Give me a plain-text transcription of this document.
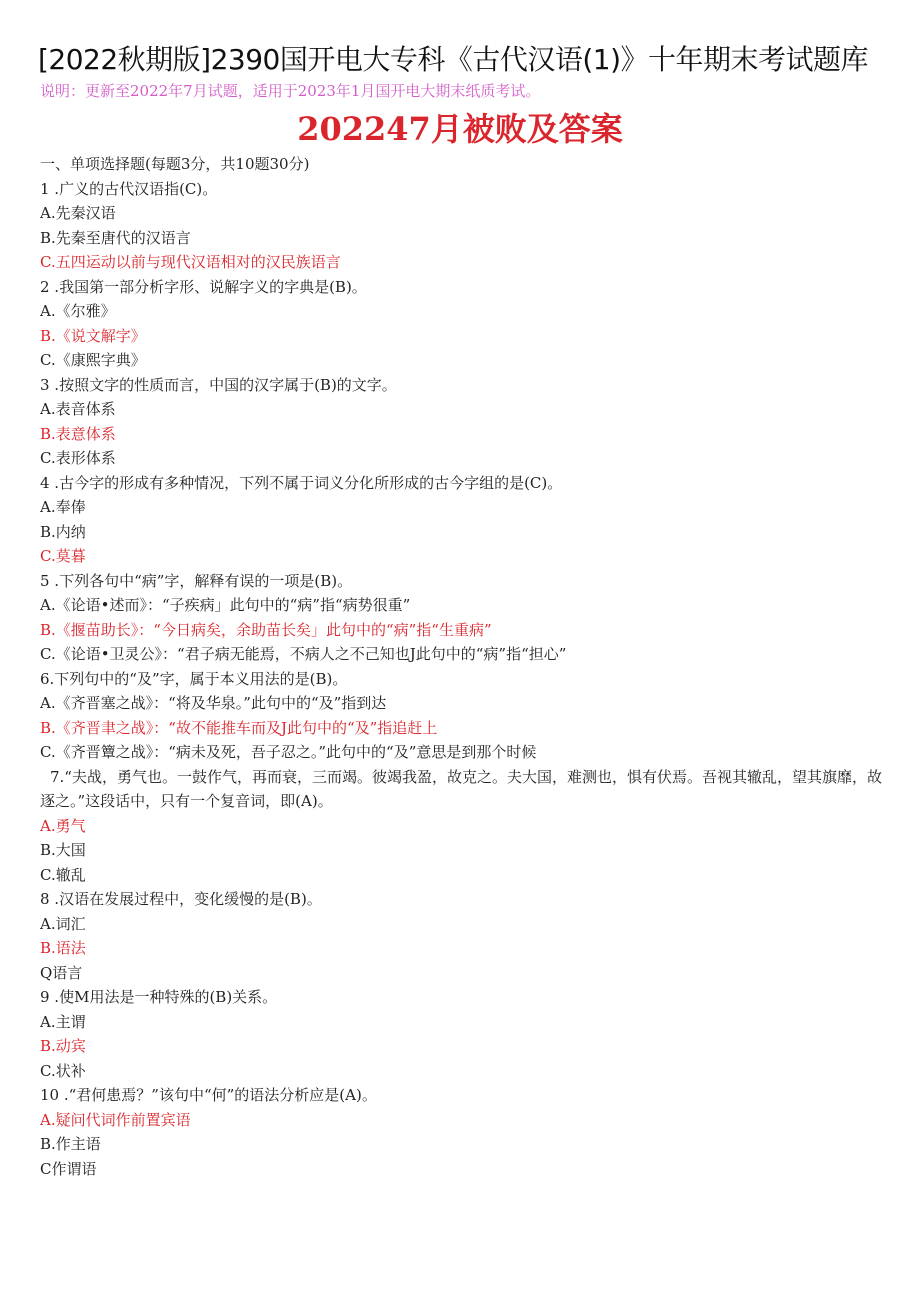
[2022秋期版]2390国开电大专科《古代汉语(1)》十年期末考试题库
说明：更新至2022年7月试题，适用于2023年1月国开电大期末纸质考试。
202247月被败及答案
一、单项选择题(每题3分，共10题30分)
1 .广义的古代汉语指(C)。
A.先秦汉语
B.先秦至唐代的汉语言
C.五四运动以前与现代汉语相对的汉民族语言
2 .我国第一部分析字形、说解字义的字典是(B)。
A.《尔雅》
B.《说文解字》
C.《康熙字典》
3 .按照文字的性质而言，中国的汉字属于(B)的文字。
A.表音体系
B.表意体系
C.表形体系
4 .古今字的形成有多种情况，下列不属于词义分化所形成的古今字组的是(C)。
A.奉俸
B.内纳
C.莫暮
5 .下列各句中“病”字，解释有误的一项是(B)。
A.《论语•述而》：“子疾病」此句中的“病”指“病势很重”
B.《揠苗助长》：“今日病矣，余助苗长矣」此句中的“病”指“生重病”
C.《论语•卫灵公》：“君子病无能焉，不病人之不己知也J此句中的“病”指“担心”
6.下列句中的“及”字，属于本义用法的是(B)。
A.《齐晋塞之战》：“将及华泉。”此句中的“及”指到达
B.《齐晋聿之战》：“故不能推车而及J此句中的“及”指追赶上
C.《齐晋簟之战》：“病未及死，吾子忍之。”此句中的“及”意思是到那个时候
7.“夫战，勇气也。一鼓作气，再而衰，三而竭。彼竭我盈，故克之。夫大国，难测也，惧有伏焉。吾视其辙乱，望其旗靡，故逐之。”这段话中，只有一个复音词，即(A)。
A.勇气
B.大国
C.辙乱
8 .汉语在发展过程中，变化缓慢的是(B)。
A.词汇
B.语法
Q语言
9 .使M用法是一种特殊的(B)关系。
A.主谓
B.动宾
C.状补
10 .“君何患焉？”该句中“何”的语法分析应是(A)。
A.疑问代词作前置宾语
B.作主语
C作谓语
